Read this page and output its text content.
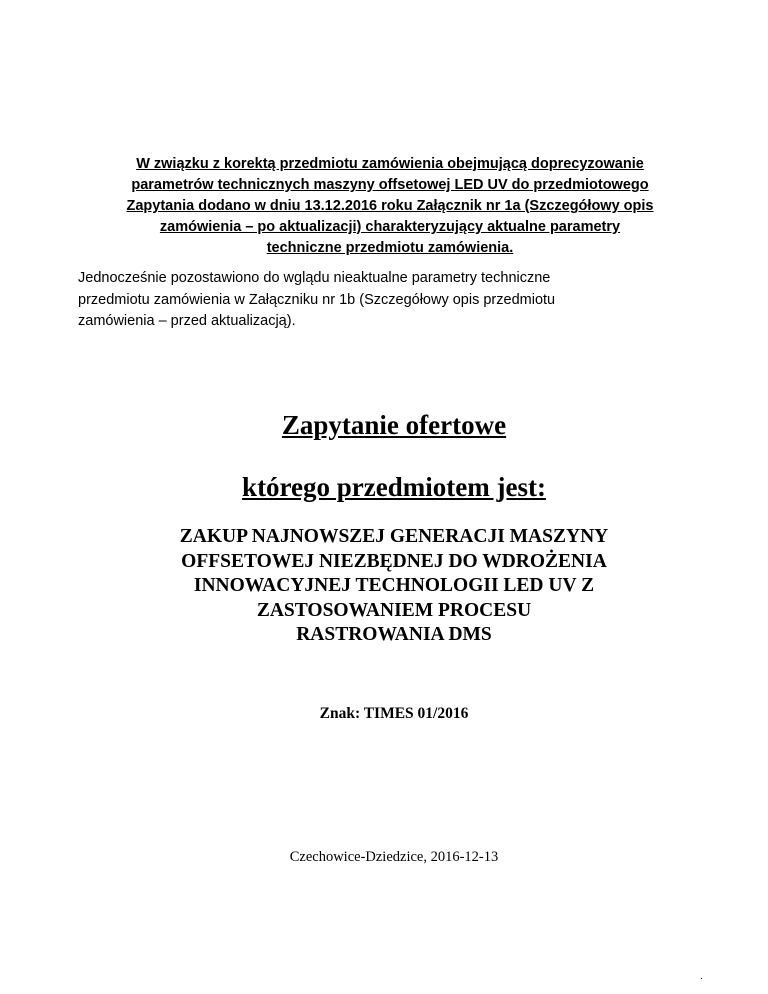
W związku z korektą przedmiotu zamówienia obejmującą doprecyzowanie
parametrów technicznych maszyny offsetowej LED UV do przedmiotowego
Zapytania dodano w dniu 13.12.2016 roku Załącznik nr 1a (Szczegółowy opis
zamówienia – po aktualizacji) charakteryzujący aktualne parametry
techniczne przedmiotu zamówienia.
Jednocześnie pozostawiono do wglądu nieaktualne parametry techniczne
przedmiotu zamówienia w Załączniku nr 1b (Szczegółowy opis przedmiotu
zamówienia – przed aktualizacją).
Zapytanie ofertowe
którego przedmiotem jest:
ZAKUP NAJNOWSZEJ GENERACJI MASZYNY
OFFSETOWEJ NIEZBĘDNEJ DO WDROŻENIA
INNOWACYJNEJ TECHNOLOGII LED UV Z
ZASTOSOWANIEM PROCESU
RASTROWANIA DMS
Znak: TIMES 01/2016
Czechowice-Dziedzice, 2016-12-13
.
